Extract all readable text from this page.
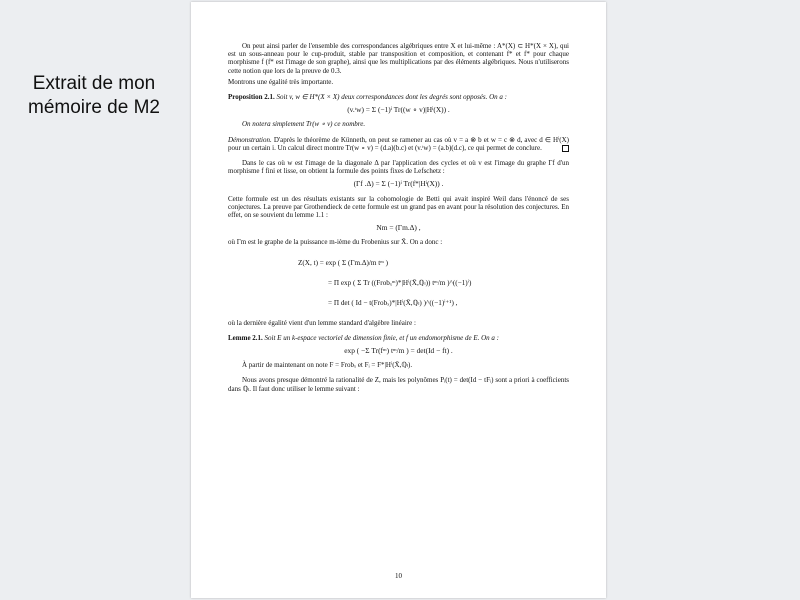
Extrait de mon
mémoire de M2

On peut ainsi parler de l'ensemble des correspondances algébriques entre X et lui-même : A*(X) ⊂ H*(X × X), qui est un sous-anneau pour le cup-produit, stable par transposition et composition, et contenant f* et f* pour chaque morphisme f (f* est l'image de son graphe), ainsi que les multiplications par des éléments algébriques. Nous n'utiliserons cette notion que lors de la preuve de 0.3.

Montrons une égalité très importante.

Proposition 2.1. Soit v, w ∈ H*(X × X) deux correspondances dont les degrés sont opposés. On a :

(v.ᵗw) = Σ (−1)ⁱ Tr((w ∘ v)|Hⁱ(X)) .

On notera simplement Tr(w ∘ v) ce nombre.

Démonstration. D'après le théorème de Künneth, on peut se ramener au cas où v = a ⊗ b et w = c ⊗ d, avec d ∈ Hⁱ(X) pour un certain i. Un calcul direct montre Tr(w ∘ v) = (d.a)(b.c) et (v.ᵗw) = (a.b)(d.c), ce qui permet de conclure.

Dans le cas où w est l'image de la diagonale Δ par l'application des cycles et où v est l'image du graphe Γf d'un morphisme f fini et lisse, on obtient la formule des points fixes de Lefschetz :

(Γf .Δ) = Σ (−1)ⁱ Tr(f*|Hⁱ(X)) .

Cette formule est un des résultats existants sur la cohomologie de Betti qui avait inspiré Weil dans l'énoncé de ses conjectures. La preuve par Grothendieck de cette formule est un grand pas en avant pour la résolution des conjectures. En effet, on se souvient du lemme 1.1 :

Nm = (Γm.Δ) ,

où Γm est le graphe de la puissance m-ième du Frobenius sur X̄. On a donc :

Z(X, t) = exp ( Σ (Γm.Δ)/m tᵐ )
= Π exp ( Σ Tr ((Frobₓᵐ)*|Hⁱ(X̄,ℚₗ)) tᵐ/m )^((−1)ⁱ)
= Π det ( Id − t(Frobₓ)*|Hⁱ(X̄,ℚₗ) )^((−1)ⁱ⁺¹) ,

où la dernière égalité vient d'un lemme standard d'algèbre linéaire :

Lemme 2.1. Soit E un k-espace vectoriel de dimension finie, et f un endomorphisme de E. On a :

exp ( −Σ Tr(fᵐ) tᵐ/m ) = det(Id − ft) .

À partir de maintenant on note F = Frobₓ et Fᵢ = F*|Hⁱ(X̄,ℚₗ).

Nous avons presque démontré la rationalité de Z, mais les polynômes Pᵢ(t) = det(Id − tFᵢ) sont a priori à coefficients dans ℚₗ. Il faut donc utiliser le lemme suivant :

10
